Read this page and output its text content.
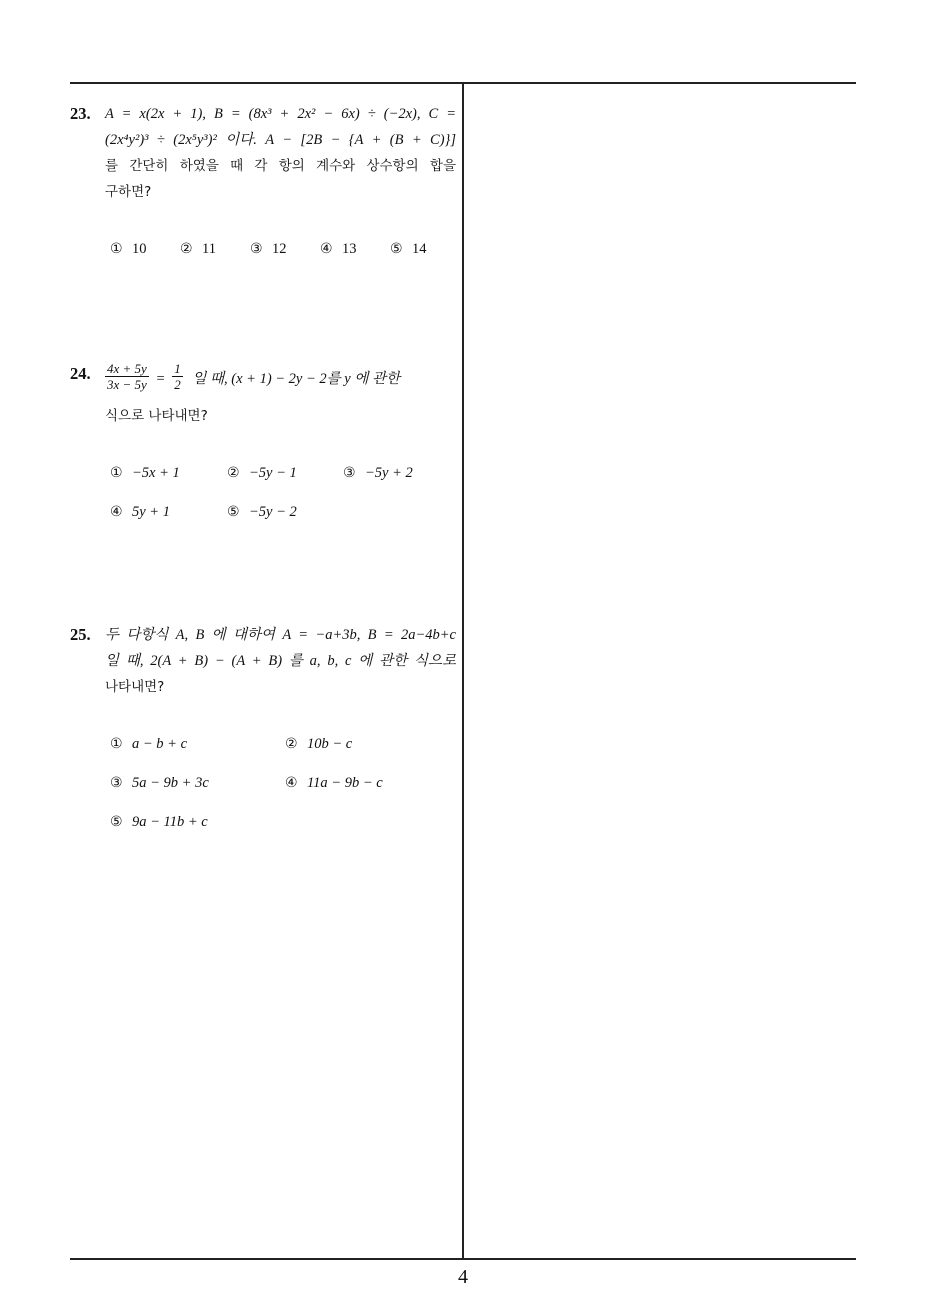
23. A = x(2x + 1), B = (8x³ + 2x² − 6x) ÷ (−2x), C =
(2x⁴y²)³ ÷ (2x⁵y³)² 이다. A − [2B − {A + (B + C)}]
를 간단히 하였을 때 각 항의 계수와 상수항의 합을
구하면?
① 10 ② 11 ③ 12 ④ 13 ⑤ 14
24. $\frac{4x + 5y}{3x - 5y} = \frac{1}{2}$ 일 때, (x + 1) − 2y − 2를 y 에 관한
식으로 나타내면?
① −5x + 1	② −5y − 1	③ −5y + 2
④ 5y + 1	⑤ −5y − 2
25. 두 다항식 A, B 에 대하여 A = −a+3b, B = 2a−4b+c
일 때, 2(A + B) − (A + B) 를 a, b, c 에 관한 식으로
나타내면?
① a − b + c	② 10b − c
③ 5a − 9b + 3c	④ 11a − 9b − c
⑤ 9a − 11b + c
4
